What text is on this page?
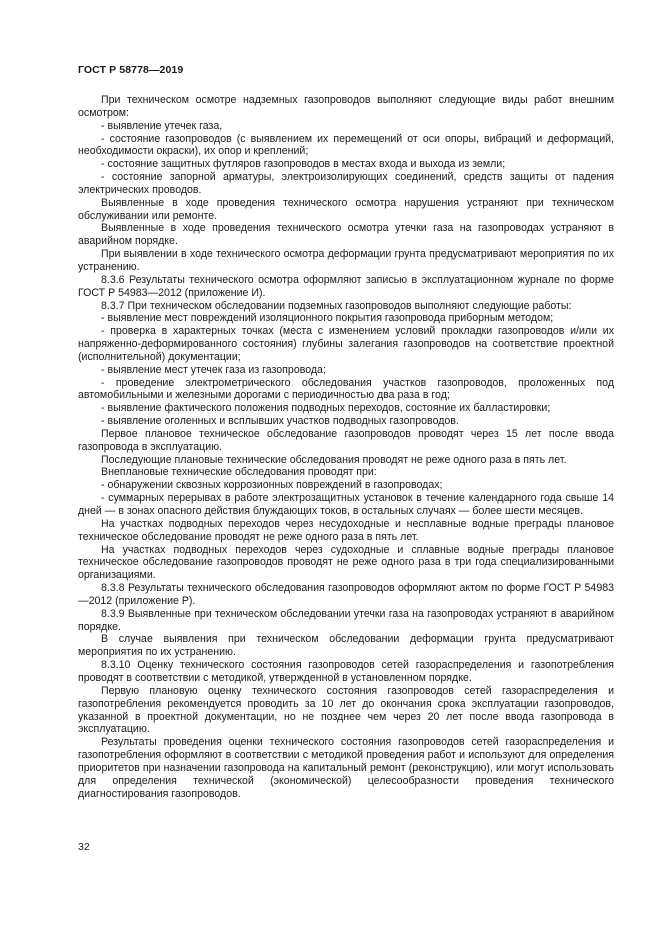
ГОСТ Р 58778—2019

При техническом осмотре надземных газопроводов выполняют следующие виды работ внешним осмотром:

- выявление утечек газа,

- состояние газопроводов (с выявлением их перемещений от оси опоры, вибраций и деформаций, необходимости окраски), их опор и креплений;

- состояние защитных футляров газопроводов в местах входа и выхода из земли;

- состояние запорной арматуры, электроизолирующих соединений, средств защиты от падения электрических проводов.

Выявленные в ходе проведения технического осмотра нарушения устраняют при техническом обслуживании или ремонте.

Выявленные в ходе проведения технического осмотра утечки газа на газопроводах устраняют в аварийном порядке.

При выявлении в ходе технического осмотра деформации грунта предусматривают мероприятия по их устранению.

8.3.6 Результаты технического осмотра оформляют записью в эксплуатационном журнале по форме ГОСТ Р 54983—2012 (приложение И).

8.3.7 При техническом обследовании подземных газопроводов выполняют следующие работы:

- выявление мест повреждений изоляционного покрытия газопровода приборным методом;

- проверка в характерных точках (места с изменением условий прокладки газопроводов и/или их напряженно-деформированного состояния) глубины залегания газопроводов на соответствие проектной (исполнительной) документации;

- выявление мест утечек газа из газопровода;

- проведение электрометрического обследования участков газопроводов, проложенных под автомобильными и железными дорогами с периодичностью два раза в год;

- выявление фактического положения подводных переходов, состояние их балластировки;

- выявление оголенных и всплывших участков подводных газопроводов.

Первое плановое техническое обследование газопроводов проводят через 15 лет после ввода газопровода в эксплуатацию.

Последующие плановые технические обследования проводят не реже одного раза в пять лет.

Внеплановые технические обследования проводят при:

- обнаружении сквозных коррозионных повреждений в газопроводах;

- суммарных перерывах в работе электрозащитных установок в течение календарного года свыше 14 дней — в зонах опасного действия блуждающих токов, в остальных случаях — более шести месяцев.

На участках подводных переходов через несудоходные и несплавные водные преграды плановое техническое обследование проводят не реже одного раза в пять лет.

На участках подводных переходов через судоходные и сплавные водные преграды плановое техническое обследование газопроводов проводят не реже одного раза в три года специализированными организациями.

8.3.8 Результаты технического обследования газопроводов оформляют актом по форме ГОСТ Р 54983—2012 (приложение Р).

8.3.9 Выявленные при техническом обследовании утечки газа на газопроводах устраняют в аварийном порядке.

В случае выявления при техническом обследовании деформации грунта предусматривают мероприятия по их устранению.

8.3.10 Оценку технического состояния газопроводов сетей газораспределения и газопотребления проводят в соответствии с методикой, утвержденной в установленном порядке.

Первую плановую оценку технического состояния газопроводов сетей газораспределения и газопотребления рекомендуется проводить за 10 лет до окончания срока эксплуатации газопроводов, указанной в проектной документации, но не позднее чем через 20 лет после ввода газопровода в эксплуатацию.

Результаты проведения оценки технического состояния газопроводов сетей газораспределения и газопотребления оформляют в соответствии с методикой проведения работ и используют для определения приоритетов при назначении газопровода на капитальный ремонт (реконструкцию), или могут использовать для определения технической (экономической) целесообразности проведения технического диагностирования газопроводов.

32
